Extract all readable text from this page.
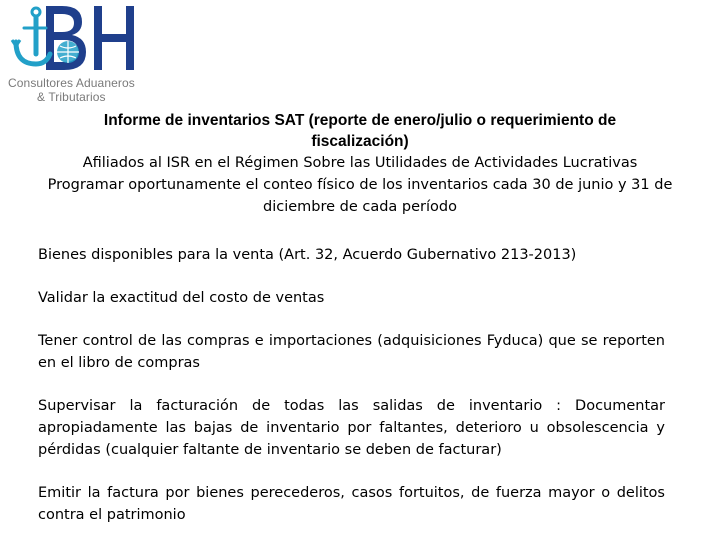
Consultores Aduaneros
& Tributarios
Informe de inventarios SAT (reporte de enero/julio o requerimiento de fiscalización)
Afiliados al ISR en el Régimen Sobre las Utilidades de Actividades Lucrativas
Programar oportunamente el conteo físico de los inventarios cada 30 de junio y 31 de diciembre de cada período
Bienes disponibles para la venta (Art. 32, Acuerdo Gubernativo 213-2013)
Validar la exactitud del costo de ventas
Tener control de las compras e importaciones (adquisiciones Fyduca) que se reporten en el libro de compras
Supervisar la facturación de todas las salidas de inventario : Documentar apropiadamente las bajas de inventario por faltantes, deterioro u obsolescencia y pérdidas (cualquier faltante de inventario se deben de facturar)
Emitir la factura por bienes perecederos, casos fortuitos, de fuerza mayor o delitos contra el patrimonio
